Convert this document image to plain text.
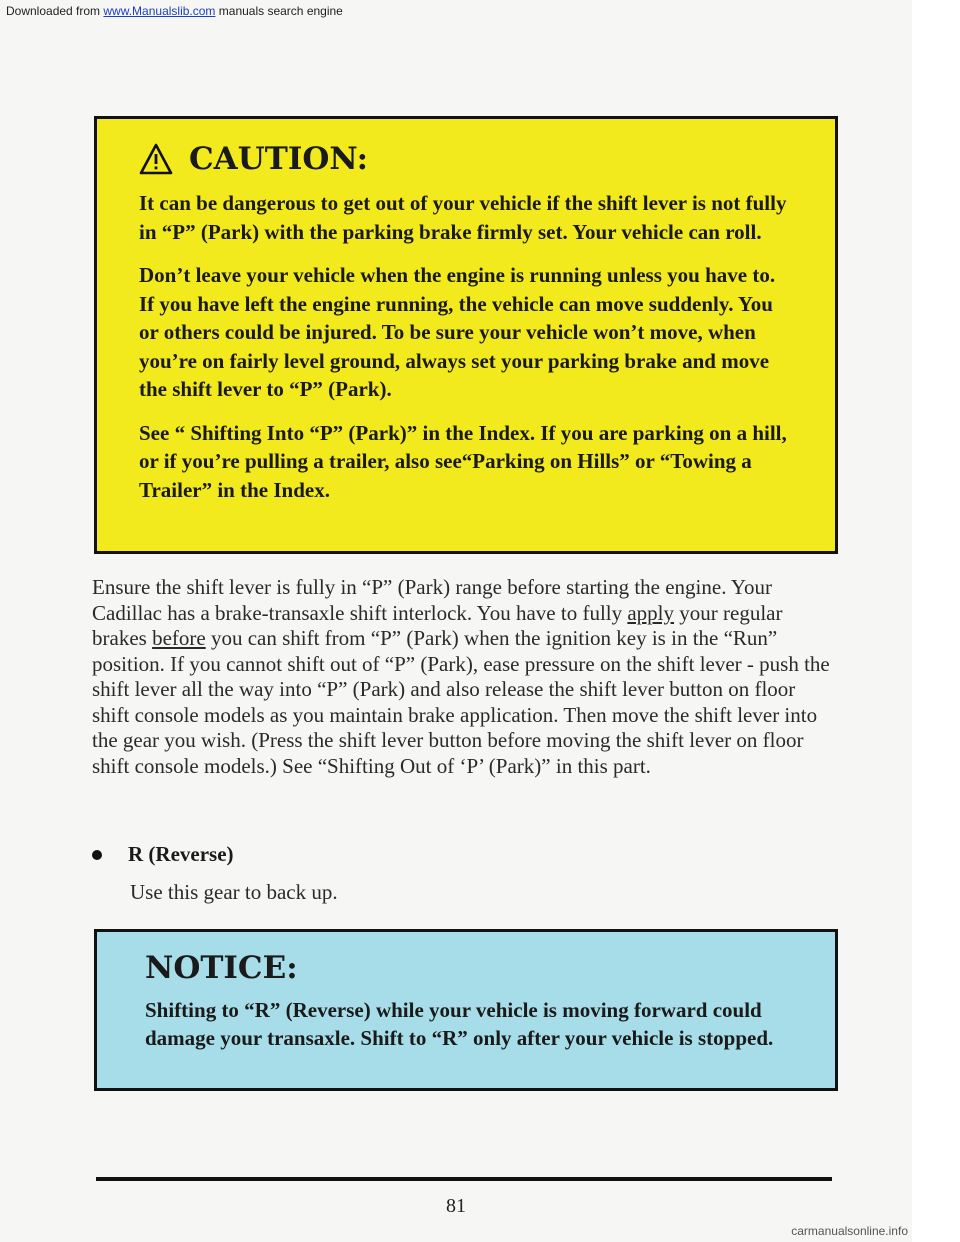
Downloaded from www.Manualslib.com manuals search engine
CAUTION:

It can be dangerous to get out of your vehicle if the shift lever is not fully in “P” (Park) with the parking brake firmly set. Your vehicle can roll.

Don’t leave your vehicle when the engine is running unless you have to. If you have left the engine running, the vehicle can move suddenly. You or others could be injured. To be sure your vehicle won’t move, when you’re on fairly level ground, always set your parking brake and move the shift lever to “P” (Park).

See “ Shifting Into “P” (Park)” in the Index. If you are parking on a hill, or if you’re pulling a trailer, also see“Parking on Hills” or “Towing a Trailer” in the Index.

Ensure the shift lever is fully in “P” (Park) range before starting the engine. Your Cadillac has a brake-transaxle shift interlock. You have to fully apply your regular brakes before you can shift from “P” (Park) when the ignition key is in the “Run” position. If you cannot shift out of “P” (Park), ease pressure on the shift lever - push the shift lever all the way into “P” (Park) and also release the shift lever button on floor shift console models as you maintain brake application. Then move the shift lever into the gear you wish. (Press the shift lever button before moving the shift lever on floor shift console models.) See “Shifting Out of ‘P’ (Park)” in this part.

R (Reverse)
Use this gear to back up.
NOTICE:

Shifting to “R” (Reverse) while your vehicle is moving forward could damage your transaxle. Shift to “R” only after your vehicle is stopped.

81
carmanualsonline.info
